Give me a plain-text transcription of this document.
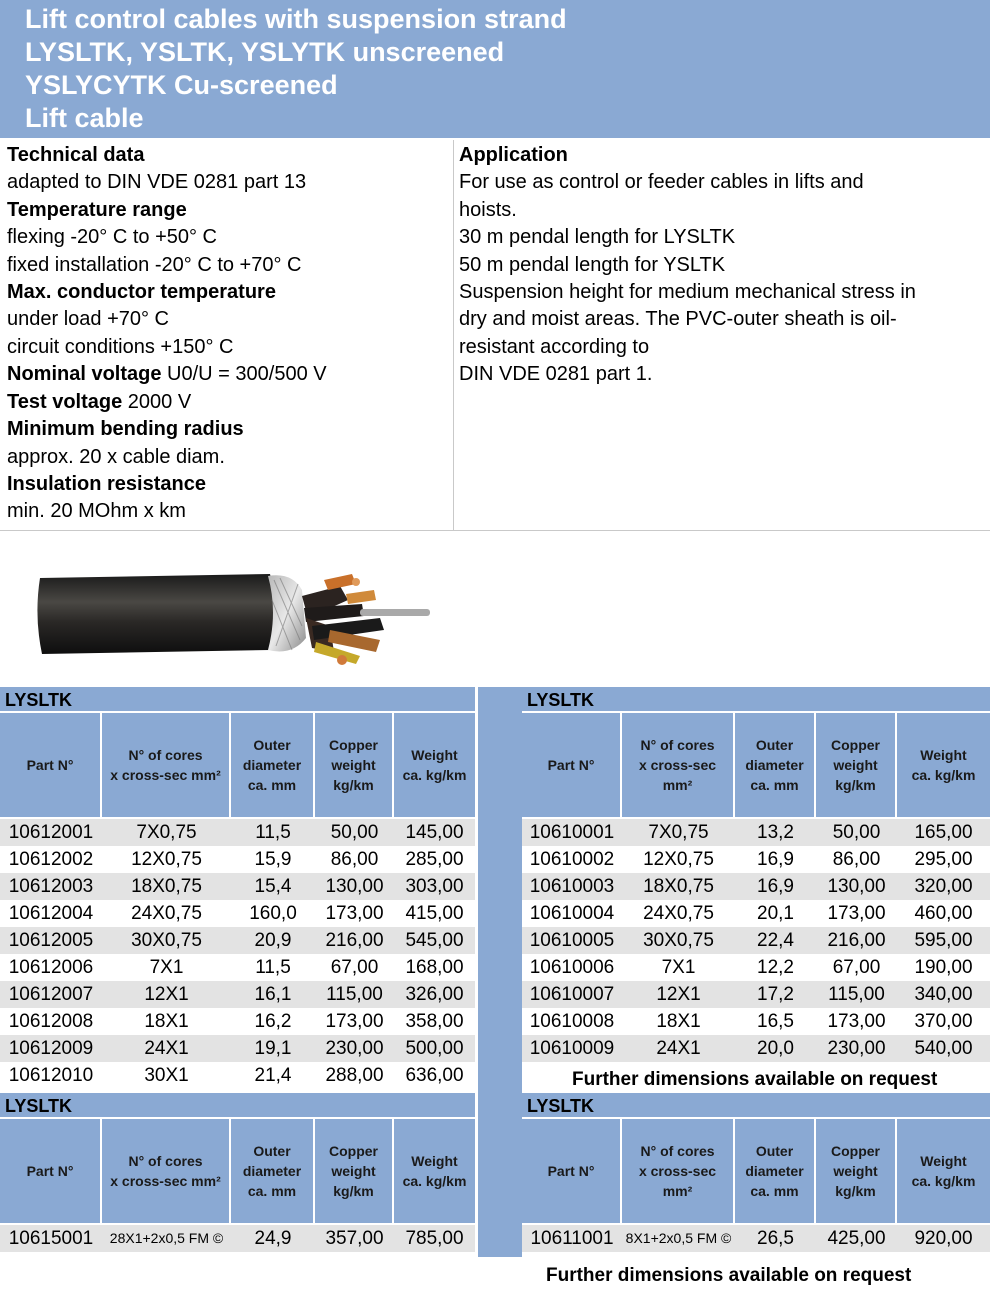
Lift control cables with suspension strand
LYSLTK, YSLTK, YSLYTK unscreened
YSLYCYTK Cu-screened
Lift cable
Technical data
adapted to DIN VDE 0281 part 13
Temperature range
flexing -20° C to +50° C
fixed installation -20° C to +70° C
Max. conductor temperature
under load +70° C
circuit conditions +150° C
Nominal voltage U0/U = 300/500 V
Test voltage 2000 V
Minimum bending radius
approx. 20 x cable diam.
Insulation resistance
min. 20 MOhm x km
Application
For use as control or feeder cables in lifts and
hoists.
30 m pendal length for LYSLTK
50 m pendal length for YSLTK
Suspension height for medium mechanical stress in
dry and moist areas. The PVC-outer sheath is oil-
resistant according to
DIN VDE 0281 part 1.
LYSLTK
Part N°
N° of cores
x cross-sec mm²
Outer
diameter
ca. mm
Copper
weight
kg/km
Weight
ca. kg/km
10612001	7X0,75	11,5	50,00	145,00
10612002	12X0,75	15,9	86,00	285,00
10612003	18X0,75	15,4	130,00	303,00
10612004	24X0,75	160,0	173,00	415,00
10612005	30X0,75	20,9	216,00	545,00
10612006	7X1	11,5	67,00	168,00
10612007	12X1	16,1	115,00	326,00
10612008	18X1	16,2	173,00	358,00
10612009	24X1	19,1	230,00	500,00
10612010	30X1	21,4	288,00	636,00
LYSLTK
Part N°
N° of cores
x cross-sec
mm²
Outer
diameter
ca. mm
Copper
weight
kg/km
Weight
ca. kg/km
10610001	7X0,75	13,2	50,00	165,00
10610002	12X0,75	16,9	86,00	295,00
10610003	18X0,75	16,9	130,00	320,00
10610004	24X0,75	20,1	173,00	460,00
10610005	30X0,75	22,4	216,00	595,00
10610006	7X1	12,2	67,00	190,00
10610007	12X1	17,2	115,00	340,00
10610008	18X1	16,5	173,00	370,00
10610009	24X1	20,0	230,00	540,00
Further dimensions available on request
LYSLTK
Part N°
N° of cores
x cross-sec mm²
Outer
diameter
ca. mm
Copper
weight
kg/km
Weight
ca. kg/km
10615001	28X1+2x0,5 FM ©	24,9	357,00	785,00
LYSLTK
Part N°
N° of cores
x cross-sec
mm²
Outer
diameter
ca. mm
Copper
weight
kg/km
Weight
ca. kg/km
10611001 8X1+2x0,5 FM ©	26,5	425,00	920,00
Further dimensions available on request
